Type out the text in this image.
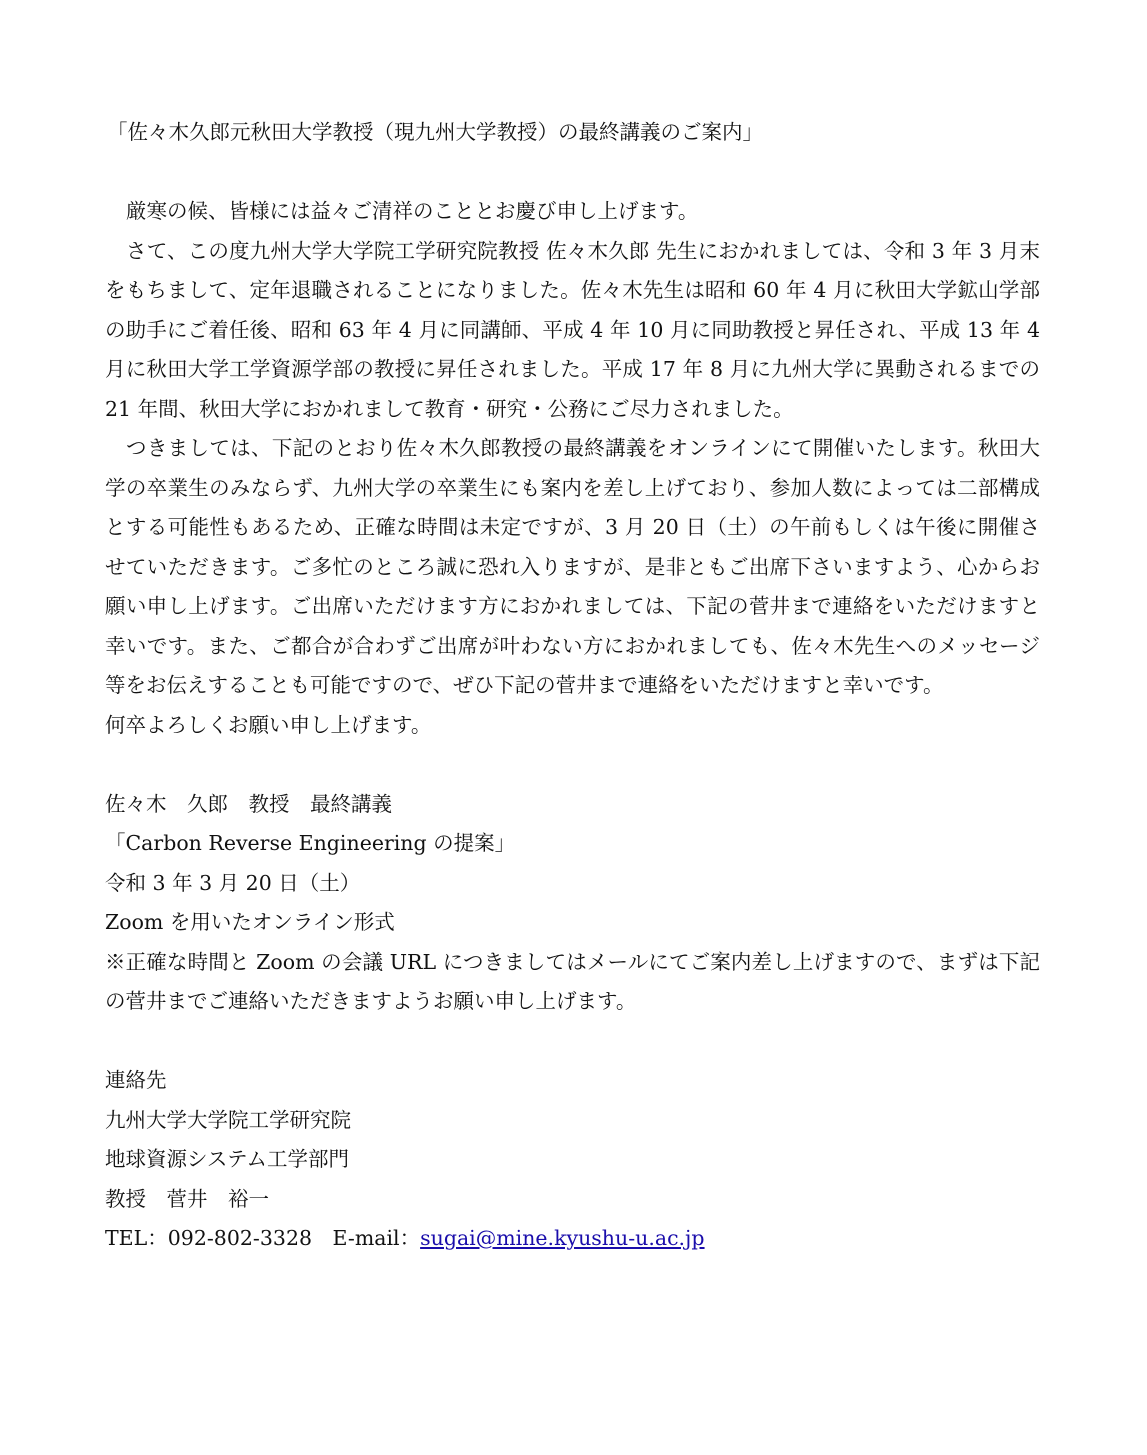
「佐々木久郎元秋田大学教授（現九州大学教授）の最終講義のご案内」

厳寒の候、皆様には益々ご清祥のこととお慶び申し上げます。

さて、この度九州大学大学院工学研究院教授 佐々木久郎 先生におかれましては、令和 3 年 3 月末をもちまして、定年退職されることになりました。佐々木先生は昭和 60 年 4 月に秋田大学鉱山学部の助手にご着任後、昭和 63 年 4 月に同講師、平成 4 年 10 月に同助教授と昇任され、平成 13 年 4 月に秋田大学工学資源学部の教授に昇任されました。平成 17 年 8 月に九州大学に異動されるまでの 21 年間、秋田大学におかれまして教育・研究・公務にご尽力されました。

つきましては、下記のとおり佐々木久郎教授の最終講義をオンラインにて開催いたします。秋田大学の卒業生のみならず、九州大学の卒業生にも案内を差し上げており、参加人数によっては二部構成とする可能性もあるため、正確な時間は未定ですが、3 月 20 日（土）の午前もしくは午後に開催させていただきます。ご多忙のところ誠に恐れ入りますが、是非ともご出席下さいますよう、心からお願い申し上げます。ご出席いただけます方におかれましては、下記の菅井まで連絡をいただけますと幸いです。また、ご都合が合わずご出席が叶わない方におかれましても、佐々木先生へのメッセージ等をお伝えすることも可能ですので、ぜひ下記の菅井まで連絡をいただけますと幸いです。

何卒よろしくお願い申し上げます。

佐々木　久郎　教授　最終講義

「Carbon Reverse Engineering の提案」

令和 3 年 3 月 20 日（土）

Zoom を用いたオンライン形式

※正確な時間と Zoom の会議 URL につきましてはメールにてご案内差し上げますので、まずは下記の菅井までご連絡いただきますようお願い申し上げます。

連絡先

九州大学大学院工学研究院

地球資源システム工学部門

教授　菅井　裕一

TEL：092-802-3328　 E-mail：sugai@mine.kyushu-u.ac.jp
